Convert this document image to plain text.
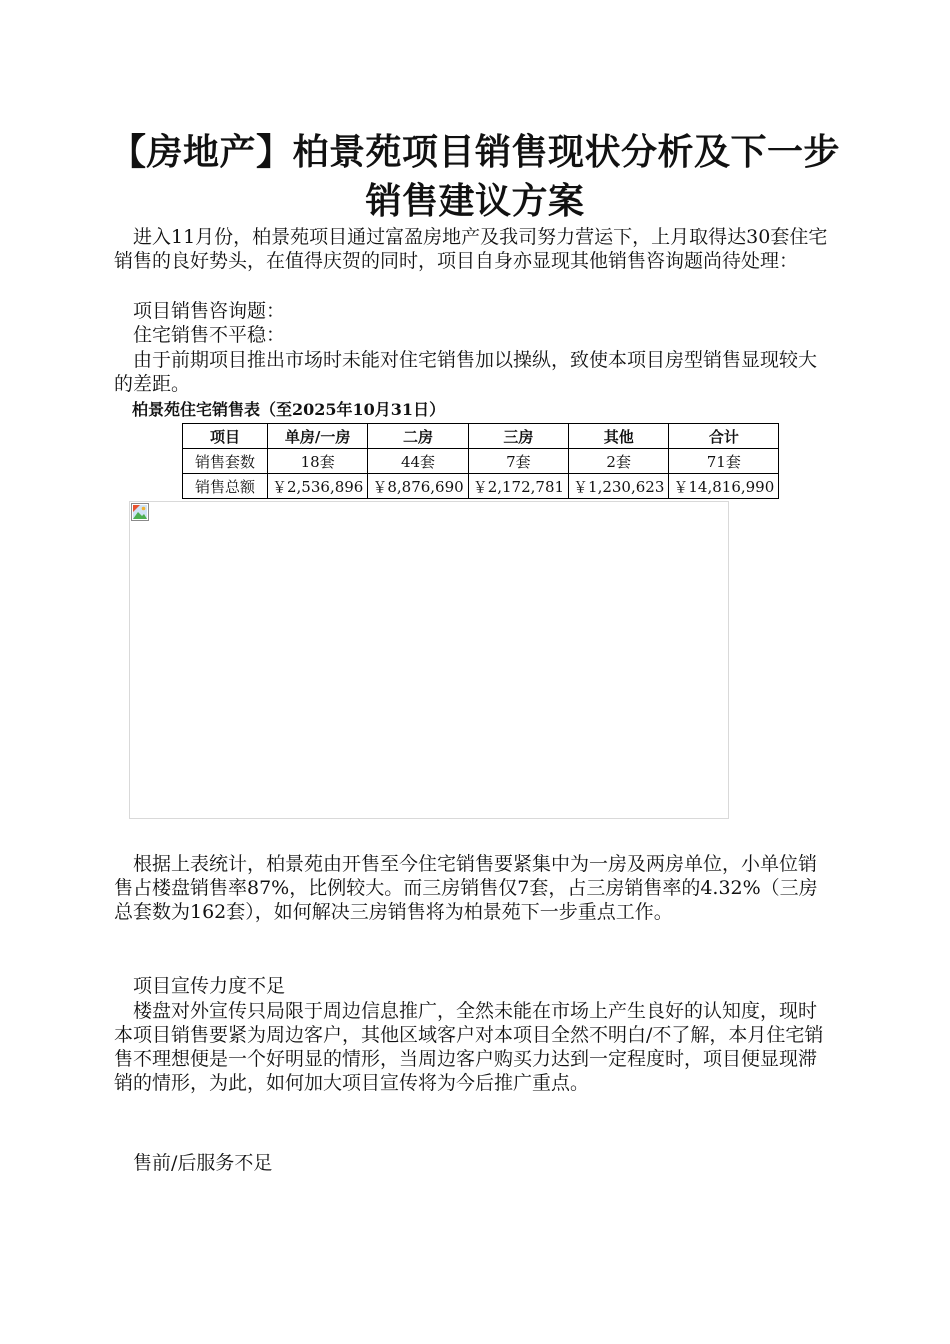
【房地产】柏景苑项目销售现状分析及下一步
销售建议方案

进入11月份，柏景苑项目通过富盈房地产及我司努力营运下，上月取得达30套住宅销售的良好势头，在值得庆贺的同时，项目自身亦显现其他销售咨询题尚待处理：

项目销售咨询题：

住宅销售不平稳：

由于前期项目推出市场时未能对住宅销售加以操纵，致使本项目房型销售显现较大的差距。

柏景苑住宅销售表（至2025年10月31日）
项目	单房/一房	二房	三房	其他	合计
销售套数	18套	44套	7套	2套	71套
销售总额	￥2,536,896	￥8,876,690	￥2,172,781	￥1,230,623	￥14,816,990

根据上表统计，柏景苑由开售至今住宅销售要紧集中为一房及两房单位，小单位销售占楼盘销售率87%，比例较大。而三房销售仅7套，占三房销售率的4.32%（三房总套数为162套），如何解决三房销售将为柏景苑下一步重点工作。

项目宣传力度不足

楼盘对外宣传只局限于周边信息推广，全然未能在市场上产生良好的认知度，现时本项目销售要紧为周边客户，其他区域客户对本项目全然不明白/不了解，本月住宅销售不理想便是一个好明显的情形，当周边客户购买力达到一定程度时，项目便显现滞销的情形，为此，如何加大项目宣传将为今后推广重点。

售前/后服务不足
